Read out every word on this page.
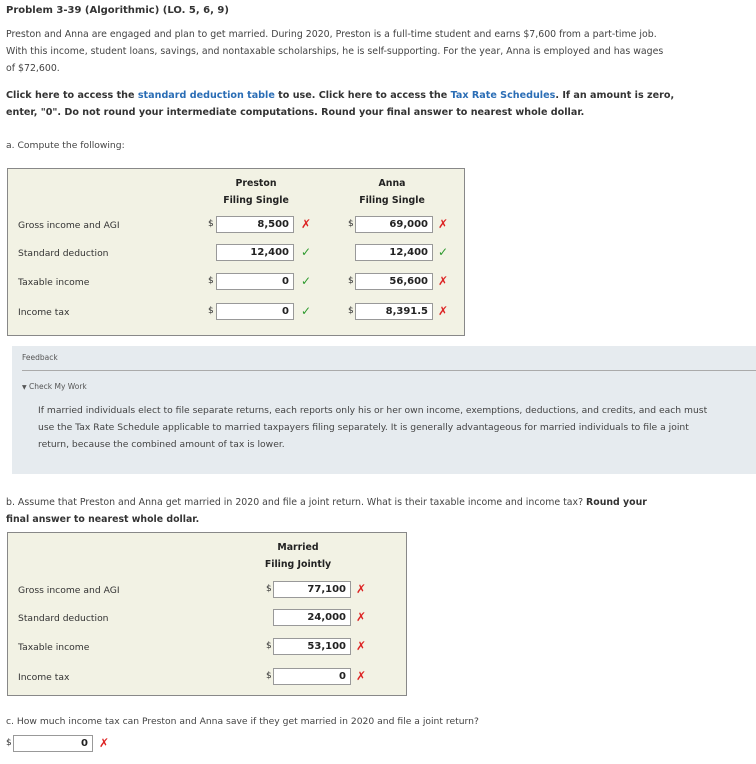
Problem 3-39 (Algorithmic) (LO. 5, 6, 9)
Preston and Anna are engaged and plan to get married. During 2020, Preston is a full-time student and earns $7,600 from a part-time job.
With this income, student loans, savings, and nontaxable scholarships, he is self-supporting. For the year, Anna is employed and has wages
of $72,600.
Click here to access the standard deduction table to use. Click here to access the Tax Rate Schedules. If an amount is zero,
enter, "0". Do not round your intermediate computations. Round your final answer to nearest whole dollar.
a. Compute the following:
Preston
Filing Single
Anna
Filing Single
Gross income and AGI	$	8,500	✗	$	69,000 ✗
Standard deduction	12,400	✓	12,400 ✓
Taxable income	$	0	✓	$	56,600 ✗
Income tax	$	0	✓	$	8,391.5 ✗
Feedback
▼ Check My Work
If married individuals elect to file separate returns, each reports only his or her own income, exemptions, deductions, and credits, and each must
use the Tax Rate Schedule applicable to married taxpayers filing separately. It is generally advantageous for married individuals to file a joint
return, because the combined amount of tax is lower.
b. Assume that Preston and Anna get married in 2020 and file a joint return. What is their taxable income and income tax? Round your
final answer to nearest whole dollar.
Married
Filing Jointly
Gross income and AGI	$	77,100 ✗
Standard deduction	24,000 ✗
Taxable income	$	53,100 ✗
Income tax	$	0 ✗
c. How much income tax can Preston and Anna save if they get married in 2020 and file a joint return?
$	0 ✗
